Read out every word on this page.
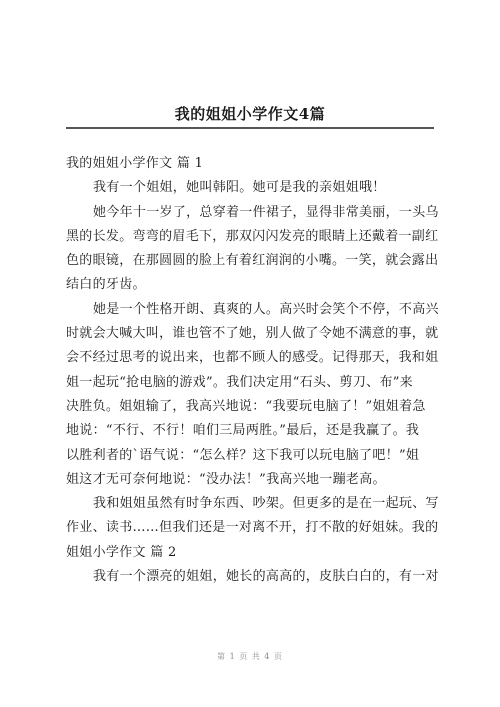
我的姐姐小学作文4篇
我的姐姐小学作文 篇 1
我有一个姐姐，她叫韩阳。她可是我的亲姐姐哦！
她今年十一岁了，总穿着一件裙子，显得非常美丽，一头乌
黑的长发。弯弯的眉毛下，那双闪闪发亮的眼睛上还戴着一副红
色的眼镜，在那圆圆的脸上有着红润润的小嘴。一笑，就会露出
结白的牙齿。
她是一个性格开朗、真爽的人。高兴时会笑个不停，不高兴
时就会大喊大叫，谁也管不了她，别人做了令她不满意的事，就
会不经过思考的说出来，也都不顾人的感受。记得那天，我和姐
姐一起玩“抢电脑的游戏”。我们决定用“石头、剪刀、布”来
决胜负。姐姐输了，我高兴地说：“我要玩电脑了！”姐姐着急
地说：“不行、不行！咱们三局两胜。”最后，还是我赢了。我
以胜利者的`语气说：“怎么样？这下我可以玩电脑了吧！”姐
姐这才无可奈何地说：“没办法！”我高兴地一蹦老高。
我和姐姐虽然有时争东西、吵架。但更多的是在一起玩、写
作业、读书……但我们还是一对离不开，打不散的好姐妹。我的
姐姐小学作文 篇 2
我有一个漂亮的姐姐，她长的高高的，皮肤白白的，有一对
第 1 页 共 4 页
